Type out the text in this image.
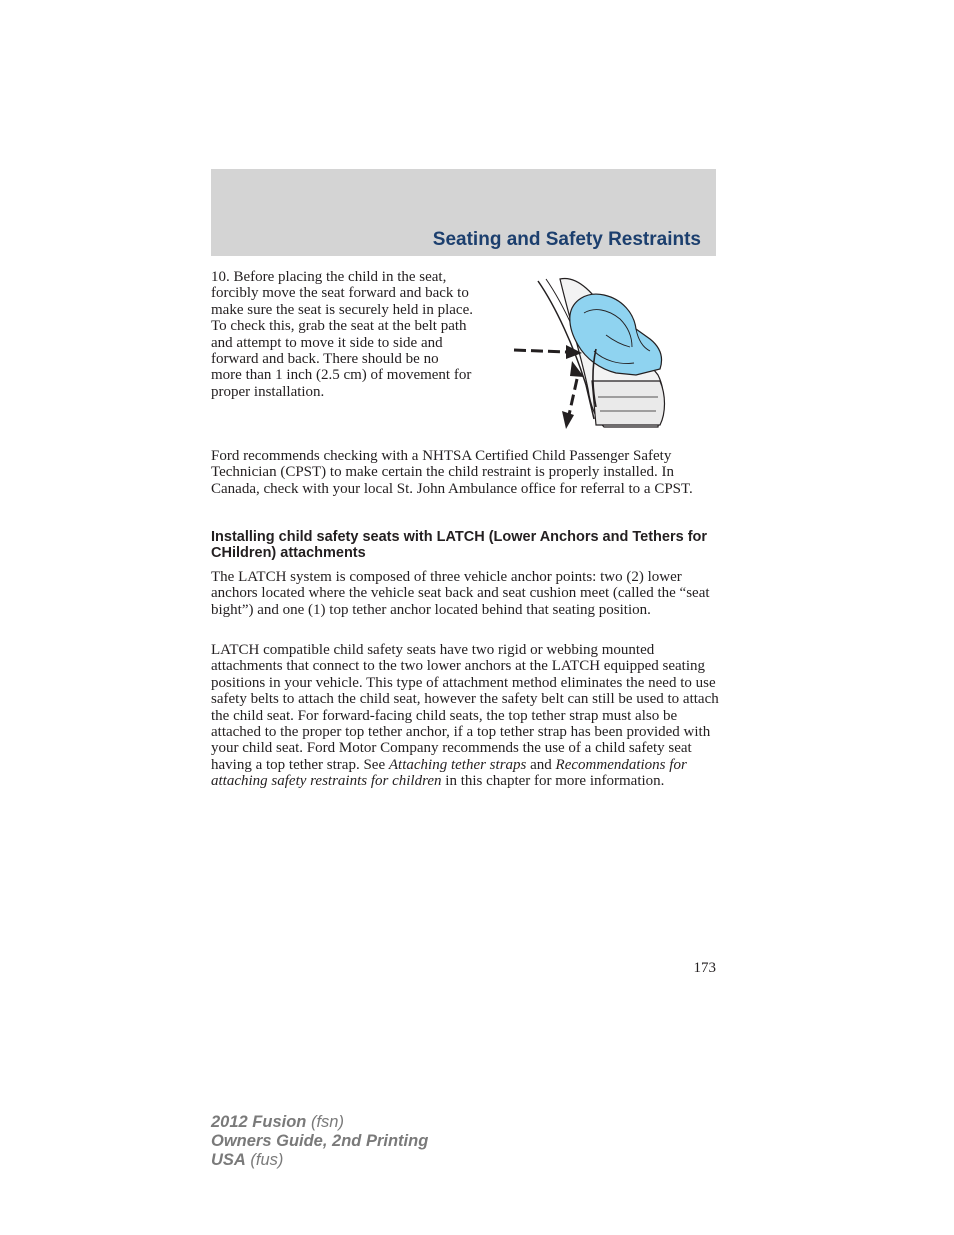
Seating and Safety Restraints

10. Before placing the child in the seat, forcibly move the seat forward and back to make sure the seat is securely held in place. To check this, grab the seat at the belt path and attempt to move it side to side and forward and back. There should be no more than 1 inch (2.5 cm) of movement for proper installation.

Ford recommends checking with a NHTSA Certified Child Passenger Safety Technician (CPST) to make certain the child restraint is properly installed. In Canada, check with your local St. John Ambulance office for referral to a CPST.

Installing child safety seats with LATCH (Lower Anchors and Tethers for CHildren) attachments

The LATCH system is composed of three vehicle anchor points: two (2) lower anchors located where the vehicle seat back and seat cushion meet (called the “seat bight”) and one (1) top tether anchor located behind that seating position.

LATCH compatible child safety seats have two rigid or webbing mounted attachments that connect to the two lower anchors at the LATCH equipped seating positions in your vehicle. This type of attachment method eliminates the need to use safety belts to attach the child seat, however the safety belt can still be used to attach the child seat. For forward-facing child seats, the top tether strap must also be attached to the proper top tether anchor, if a top tether strap has been provided with your child seat. Ford Motor Company recommends the use of a child safety seat having a top tether strap. See Attaching tether straps and Recommendations for attaching safety restraints for children in this chapter for more information.

173
2012 Fusion (fsn)
Owners Guide, 2nd Printing
USA (fus)
